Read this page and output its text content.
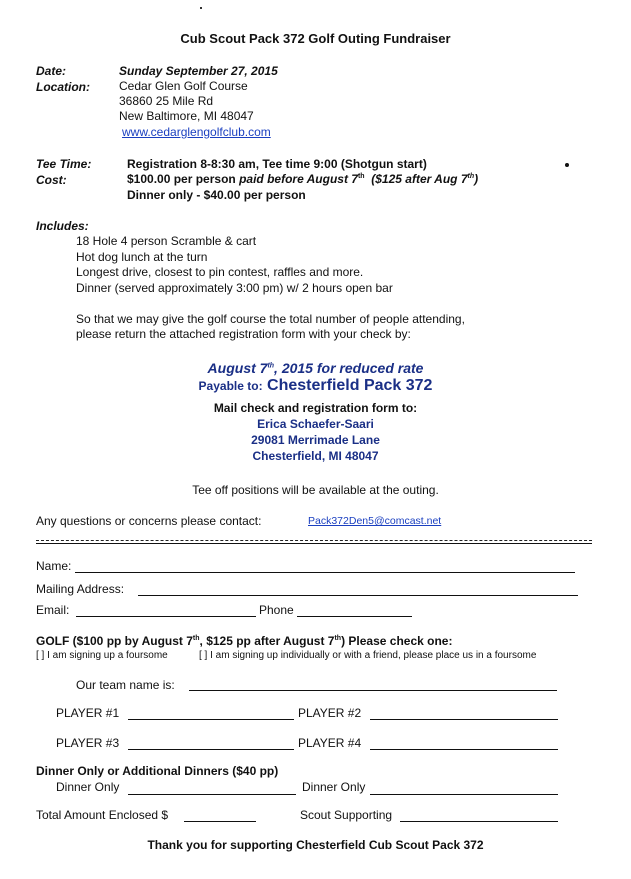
Cub Scout Pack 372 Golf Outing Fundraiser
Date:	Sunday September 27, 2015
Location: Cedar Glen Golf Course
36860 25 Mile Rd
New Baltimore, MI 48047
www.cedarglengolfclub.com
Tee Time:	Registration 8-8:30 am, Tee time 9:00 (Shotgun start)
Cost:	$100.00 per person paid before August 7th ($125 after Aug 7th)
Dinner only - $40.00 per person
Includes:
18 Hole 4 person Scramble & cart
Hot dog lunch at the turn
Longest drive, closest to pin contest, raffles and more.
Dinner (served approximately 3:00 pm) w/ 2 hours open bar
So that we may give the golf course the total number of people attending,
please return the attached registration form with your check by:
August 7th, 2015 for reduced rate
Payable to: Chesterfield Pack 372
Mail check and registration form to:
Erica Schaefer-Saari
29081 Merrimade Lane
Chesterfield, MI 48047
Tee off positions will be available at the outing.
Any questions or concerns please contact:	Pack372Den5@comcast.net
Name:
Mailing Address:
Email:	Phone
GOLF ($100 pp by August 7th, $125 pp after August 7th) Please check one:
[ ] I am signing up a foursome	[ ] I am signing up individually or with a friend, please place us in a foursome
Our team name is:
PLAYER #1	PLAYER #2
PLAYER #3	PLAYER #4
Dinner Only or Additional Dinners ($40 pp)
Dinner Only	Dinner Only
Total Amount Enclosed $	Scout Supporting
Thank you for supporting Chesterfield Cub Scout Pack 372
